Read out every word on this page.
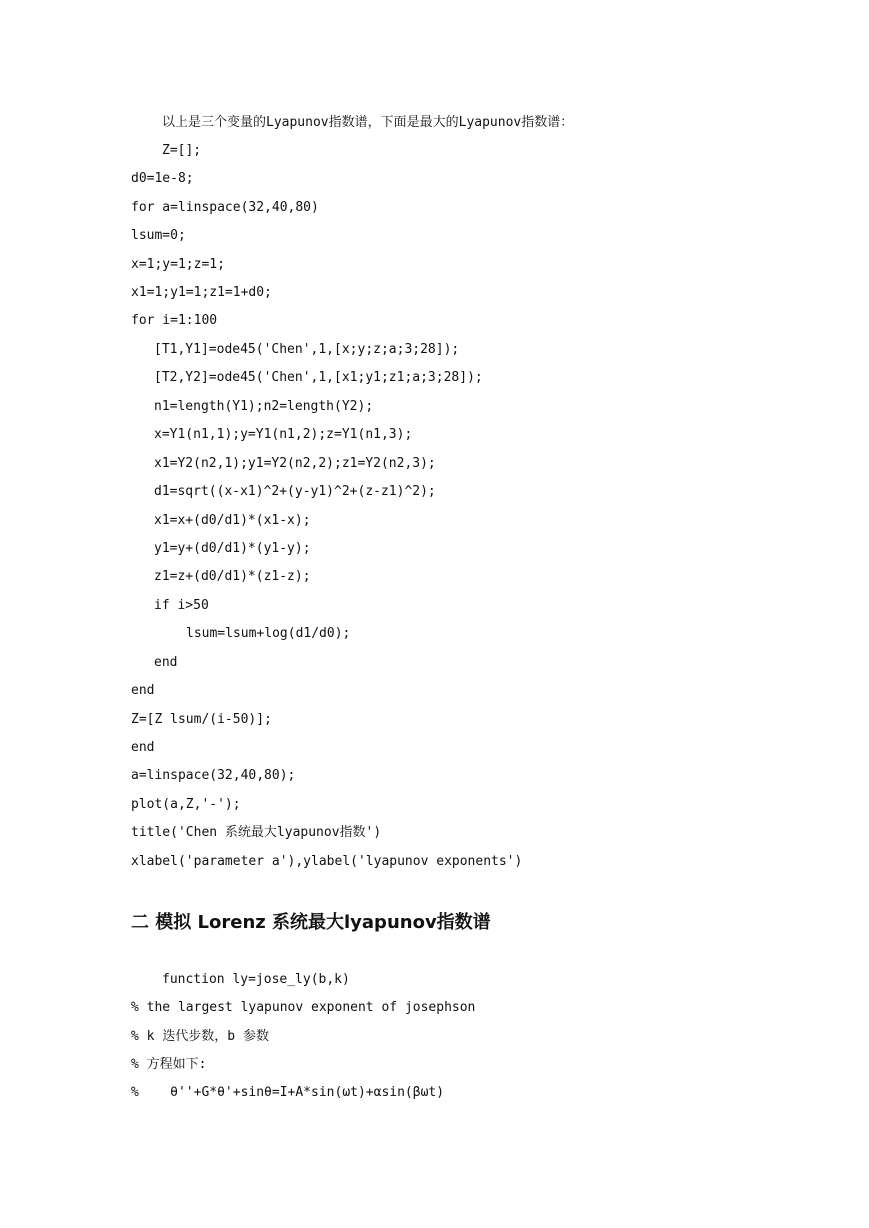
以上是三个变量的Lyapunov指数谱，下面是最大的Lyapunov指数谱：
Z=[];
d0=1e-8;
for a=linspace(32,40,80)
lsum=0;
x=1;y=1;z=1;
x1=1;y1=1;z1=1+d0;
for i=1:100
[T1,Y1]=ode45('Chen',1,[x;y;z;a;3;28]);
[T2,Y2]=ode45('Chen',1,[x1;y1;z1;a;3;28]);
n1=length(Y1);n2=length(Y2);
x=Y1(n1,1);y=Y1(n1,2);z=Y1(n1,3);
x1=Y2(n2,1);y1=Y2(n2,2);z1=Y2(n2,3);
d1=sqrt((x-x1)^2+(y-y1)^2+(z-z1)^2);
x1=x+(d0/d1)*(x1-x);
y1=y+(d0/d1)*(y1-y);
z1=z+(d0/d1)*(z1-z);
if i>50
lsum=lsum+log(d1/d0);
end
end
Z=[Z lsum/(i-50)];
end
a=linspace(32,40,80);
plot(a,Z,'-');
title('Chen 系统最大lyapunov指数')
xlabel('parameter a'),ylabel('lyapunov exponents')
二 模拟 Lorenz 系统最大lyapunov指数谱
function ly=jose_ly(b,k)
% the largest lyapunov exponent of josephson
% k 迭代步数，b 参数
% 方程如下:
%    θ''+G*θ'+sinθ=I+A*sin(ωt)+αsin(βωt)
